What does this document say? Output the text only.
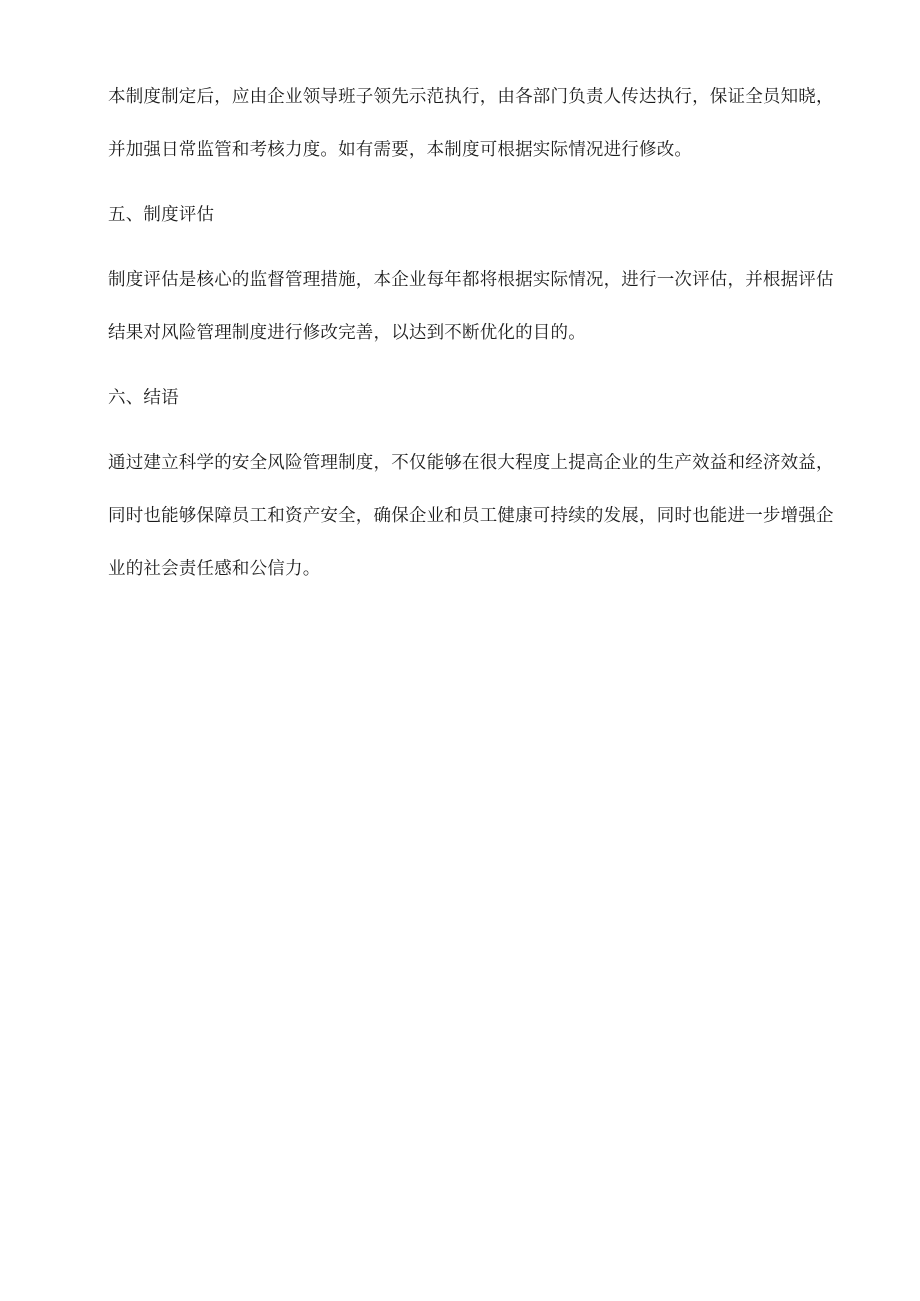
本制度制定后，应由企业领导班子领先示范执行，由各部门负责人传达执行，保证全员知晓，
并加强日常监管和考核力度。如有需要，本制度可根据实际情况进行修改。
五、制度评估
制度评估是核心的监督管理措施，本企业每年都将根据实际情况，进行一次评估，并根据评估
结果对风险管理制度进行修改完善，以达到不断优化的目的。
六、结语
通过建立科学的安全风险管理制度，不仅能够在很大程度上提高企业的生产效益和经济效益，
同时也能够保障员工和资产安全，确保企业和员工健康可持续的发展，同时也能进一步增强企
业的社会责任感和公信力。
